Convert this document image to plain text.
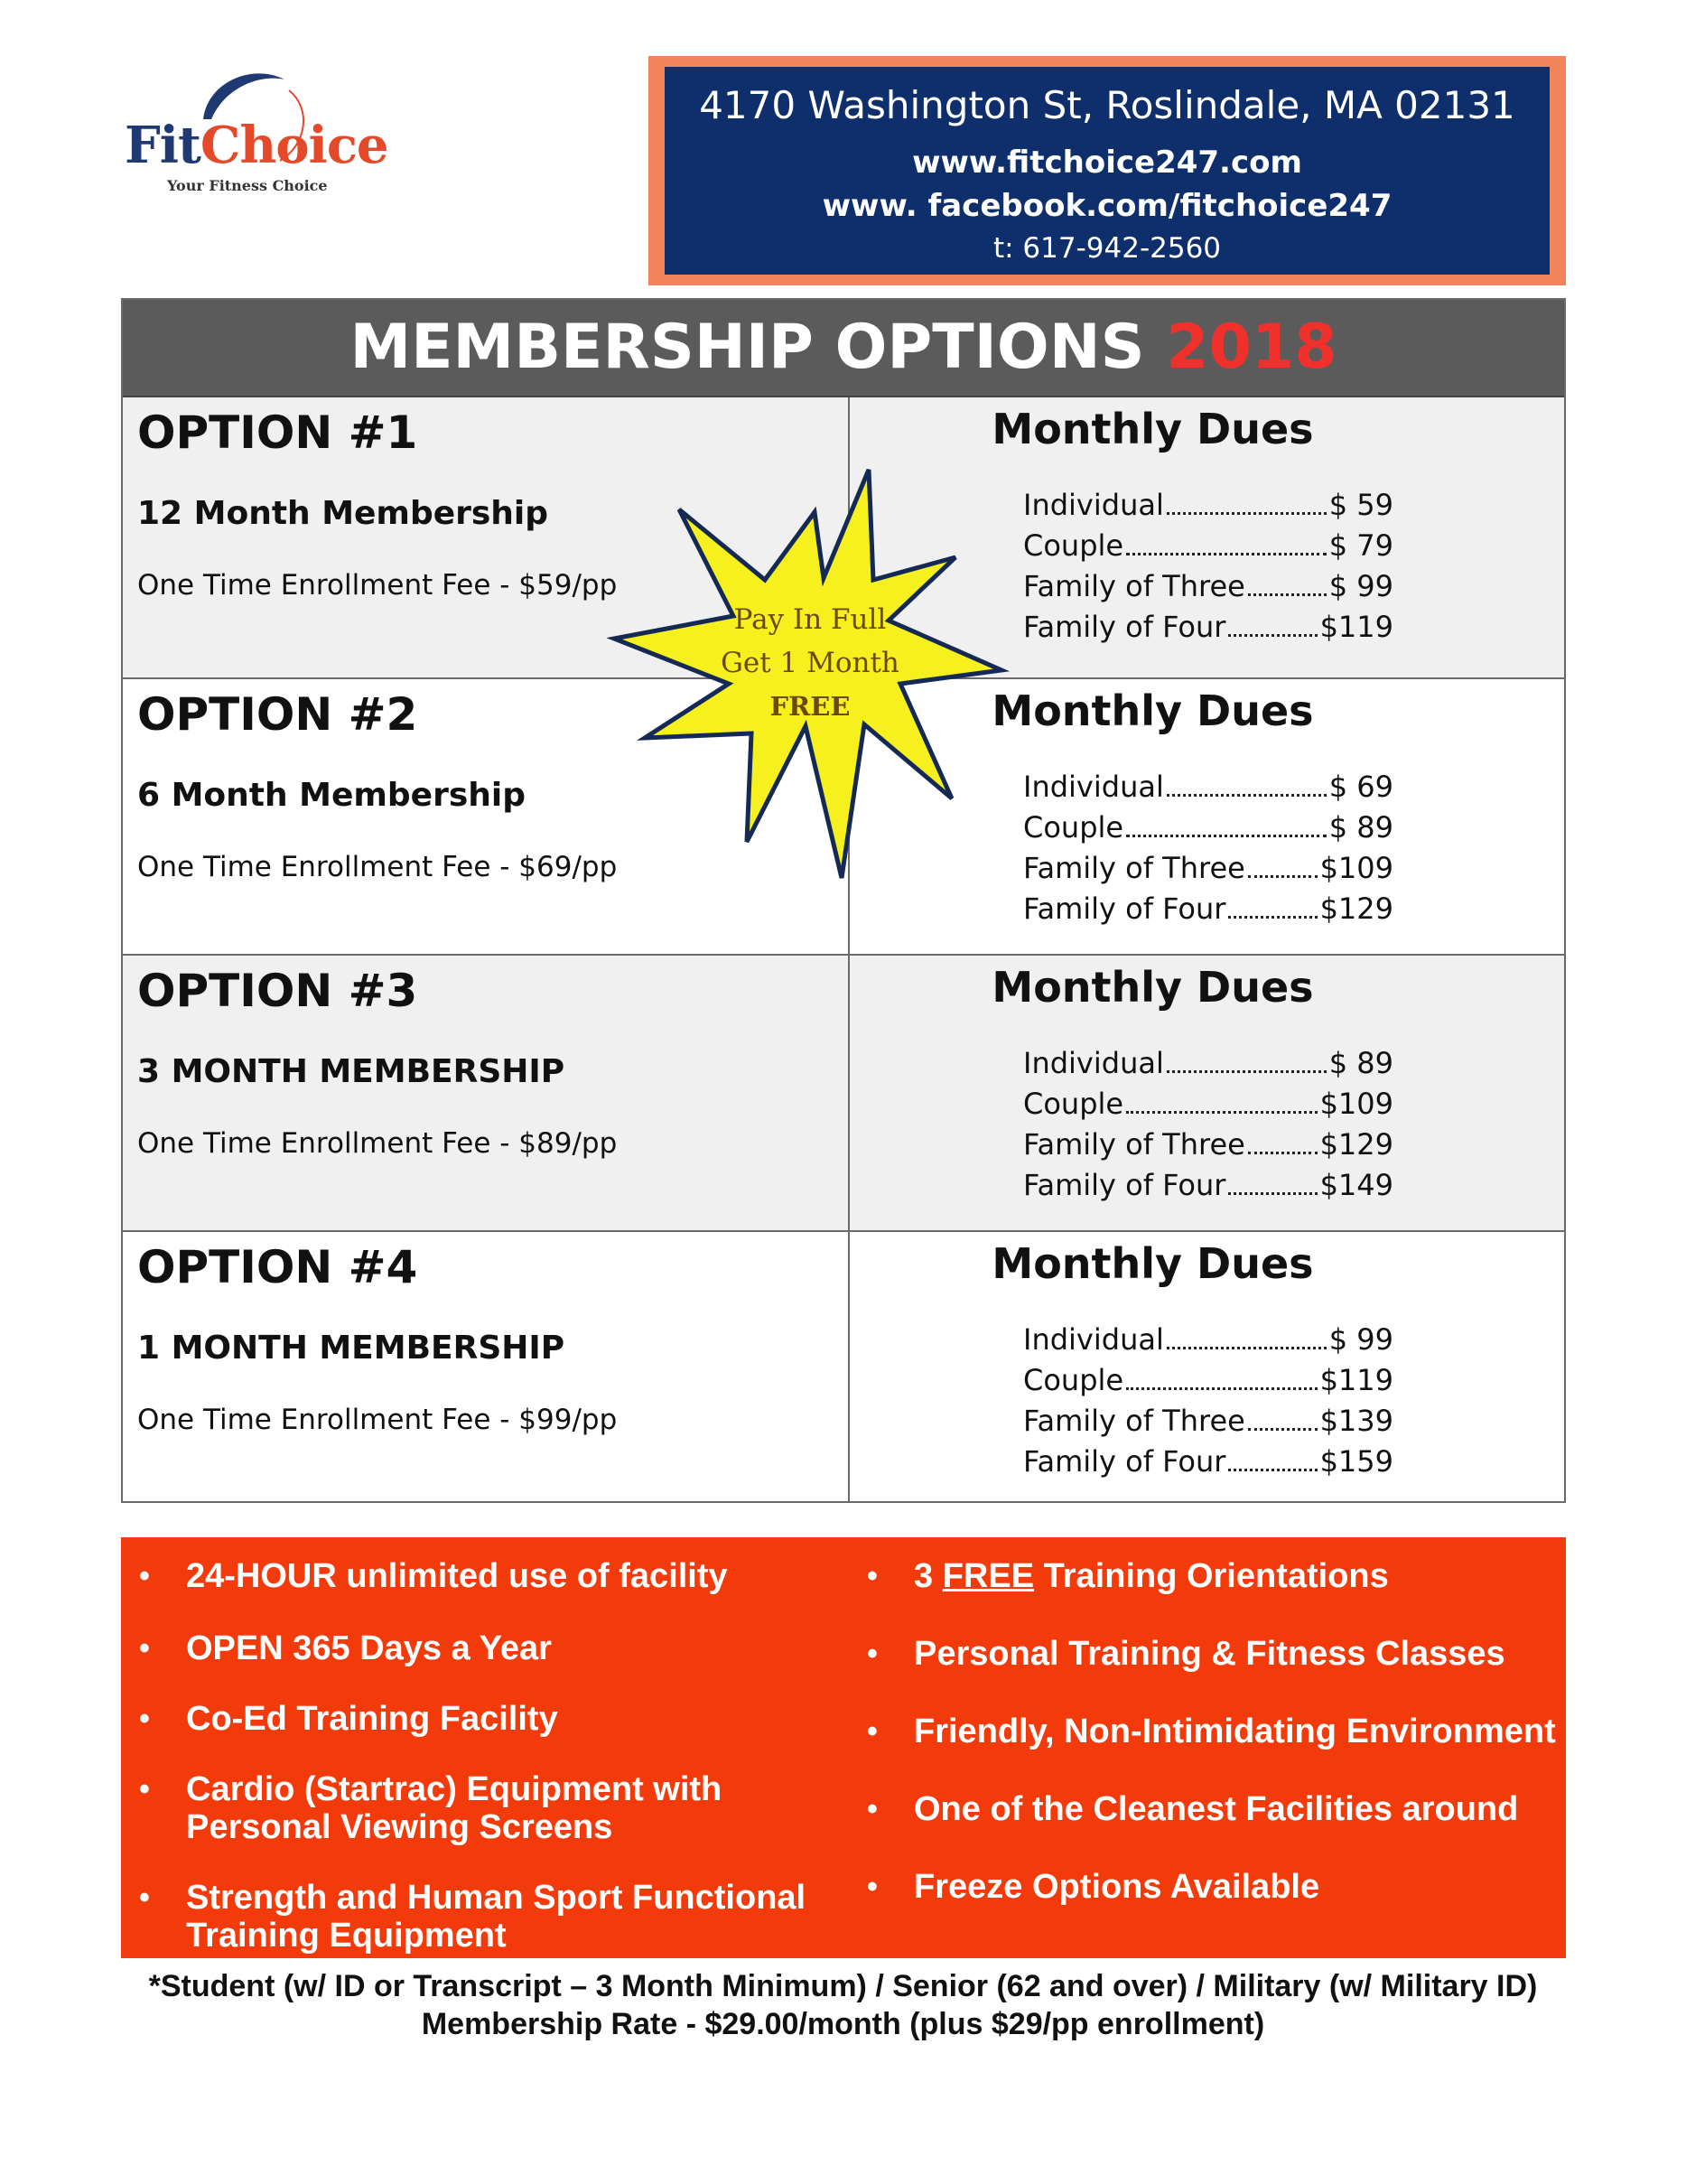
FitChoice
Your Fitness Choice
4170 Washington St, Roslindale, MA 02131
www.fitchoice247.com
www. facebook.com/fitchoice247
t: 617-942-2560
MEMBERSHIP OPTIONS 2018
OPTION #1
12 Month Membership
One Time Enrollment Fee - $59/pp
Monthly Dues
Individual	$ 59
Couple	$ 79
Family of Three	$ 99
Family of Four	$119
OPTION #2
6 Month Membership
One Time Enrollment Fee - $69/pp
Monthly Dues
Individual	$ 69
Couple	$ 89
Family of Three	$109
Family of Four	$129
OPTION #3
3 MONTH MEMBERSHIP
One Time Enrollment Fee - $89/pp
Monthly Dues
Individual	$ 89
Couple	$109
Family of Three	$129
Family of Four	$149
OPTION #4
1 MONTH MEMBERSHIP
One Time Enrollment Fee - $99/pp
Monthly Dues
Individual	$ 99
Couple	$119
Family of Three	$139
Family of Four	$159
Pay In Full
Get 1 Month
FREE
• 24-HOUR unlimited use of facility
• OPEN 365 Days a Year
• Co-Ed Training Facility
• Cardio (Startrac) Equipment with
Personal Viewing Screens
• Strength and Human Sport Functional
Training Equipment
• 3 FREE Training Orientations
• Personal Training & Fitness Classes
• Friendly, Non-Intimidating Environment
• One of the Cleanest Facilities around
• Freeze Options Available
*Student (w/ ID or Transcript – 3 Month Minimum) / Senior (62 and over) / Military (w/ Military ID)
Membership Rate - $29.00/month (plus $29/pp enrollment)
